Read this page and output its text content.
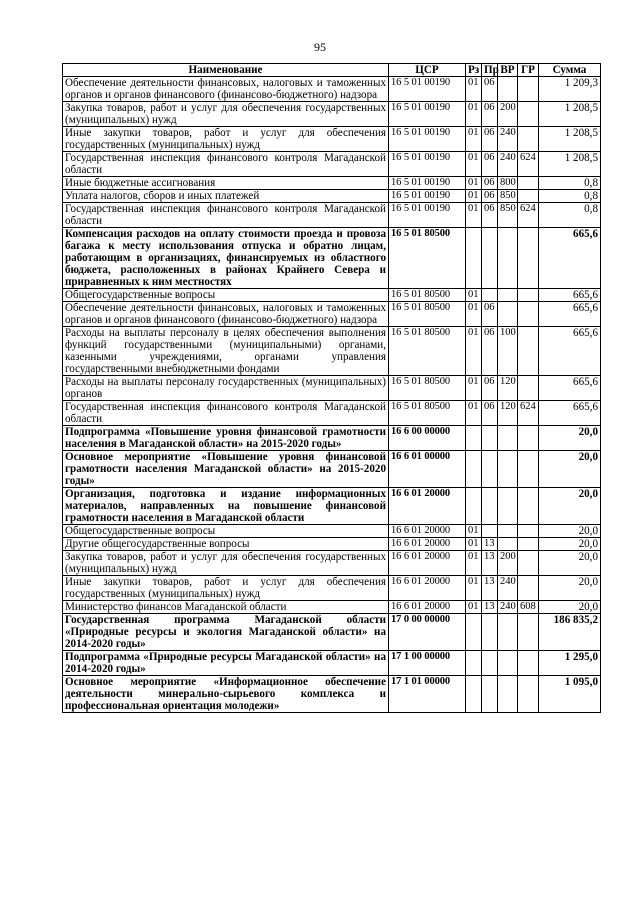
95
Наименование	ЦСР	Рз	Пр	ВР	ГР	Сумма
Обеспечение деятельности финансовых, налоговых и таможенных органов и органов финансового (финансово-бюджетного) надзора	16 5 01 00190	01	06			1 209,3
Закупка товаров, работ и услуг для обеспечения государственных (муниципальных) нужд	16 5 01 00190	01	06	200		1 208,5
Иные закупки товаров, работ и услуг для обеспечения государственных (муниципальных) нужд	16 5 01 00190	01	06	240		1 208,5
Государственная инспекция финансового контроля Магаданской области	16 5 01 00190	01	06	240	624	1 208,5
Иные бюджетные ассигнования	16 5 01 00190	01	06	800		0,8
Уплата налогов, сборов и иных платежей	16 5 01 00190	01	06	850		0,8
Государственная инспекция финансового контроля Магаданской области	16 5 01 00190	01	06	850	624	0,8
Компенсация расходов на оплату стоимости проезда и провоза багажа к месту использования отпуска и обратно лицам, работающим в организациях, финансируемых из областного бюджета, расположенных в районах Крайнего Севера и приравненных к ним местностях	16 5 01 80500					665,6
Общегосударственные вопросы	16 5 01 80500	01				665,6
Обеспечение деятельности финансовых, налоговых и таможенных органов и органов финансового (финансово-бюджетного) надзора	16 5 01 80500	01	06			665,6
Расходы на выплаты персоналу в целях обеспечения выполнения функций государственными (муниципальными) органами, казенными учреждениями, органами управления государственными внебюджетными фондами	16 5 01 80500	01	06	100		665,6
Расходы на выплаты персоналу государственных (муниципальных) органов	16 5 01 80500	01	06	120		665,6
Государственная инспекция финансового контроля Магаданской области	16 5 01 80500	01	06	120	624	665,6
Подпрограмма «Повышение уровня финансовой грамотности населения в Магаданской области» на 2015-2020 годы»	16 6 00 00000					20,0
Основное мероприятие «Повышение уровня финансовой грамотности населения Магаданской области» на 2015-2020 годы»	16 6 01 00000					20,0
Организация, подготовка и издание информационных материалов, направленных на повышение финансовой грамотности населения в Магаданской области	16 6 01 20000					20,0
Общегосударственные вопросы	16 6 01 20000	01				20,0
Другие общегосударственные вопросы	16 6 01 20000	01	13			20,0
Закупка товаров, работ и услуг для обеспечения государственных (муниципальных) нужд	16 6 01 20000	01	13	200		20,0
Иные закупки товаров, работ и услуг для обеспечения государственных (муниципальных) нужд	16 6 01 20000	01	13	240		20,0
Министерство финансов Магаданской области	16 6 01 20000	01	13	240	608	20,0
Государственная программа Магаданской области «Природные ресурсы и экология Магаданской области» на 2014-2020 годы»	17 0 00 00000					186 835,2
Подпрограмма «Природные ресурсы Магаданской области» на 2014-2020 годы»	17 1 00 00000					1 295,0
Основное мероприятие «Информационное обеспечение деятельности минерально-сырьевого комплекса и профессиональная ориентация молодежи»	17 1 01 00000					1 095,0
